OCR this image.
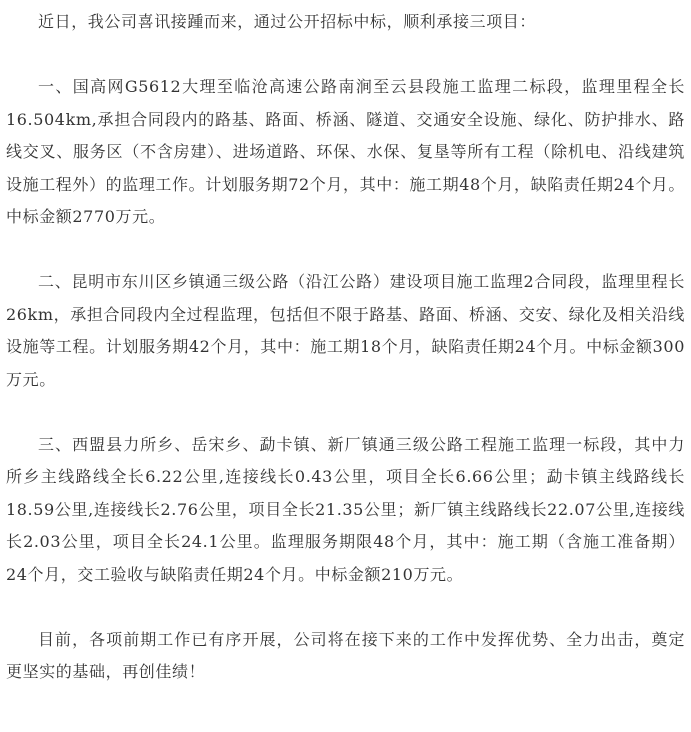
近日，我公司喜讯接踵而来，通过公开招标中标，顺利承接三项目：

一、国高网G5612大理至临沧高速公路南涧至云县段施工监理二标段，监理里程全长16.504km,承担合同段内的路基、路面、桥涵、隧道、交通安全设施、绿化、防护排水、路线交叉、服务区（不含房建）、进场道路、环保、水保、复垦等所有工程（除机电、沿线建筑设施工程外）的监理工作。计划服务期72个月，其中：施工期48个月，缺陷责任期24个月。中标金额2770万元。

二、昆明市东川区乡镇通三级公路（沿江公路）建设项目施工监理2合同段，监理里程长26km，承担合同段内全过程监理，包括但不限于路基、路面、桥涵、交安、绿化及相关沿线设施等工程。计划服务期42个月，其中：施工期18个月，缺陷责任期24个月。中标金额300万元。

三、西盟县力所乡、岳宋乡、勐卡镇、新厂镇通三级公路工程施工监理一标段，其中力所乡主线路线全长6.22公里,连接线长0.43公里，项目全长6.66公里；勐卡镇主线路线长18.59公里,连接线长2.76公里，项目全长21.35公里；新厂镇主线路线长22.07公里,连接线长2.03公里，项目全长24.1公里。监理服务期限48个月，其中：施工期（含施工准备期）24个月，交工验收与缺陷责任期24个月。中标金额210万元。

目前，各项前期工作已有序开展，公司将在接下来的工作中发挥优势、全力出击，奠定更坚实的基础，再创佳绩！
